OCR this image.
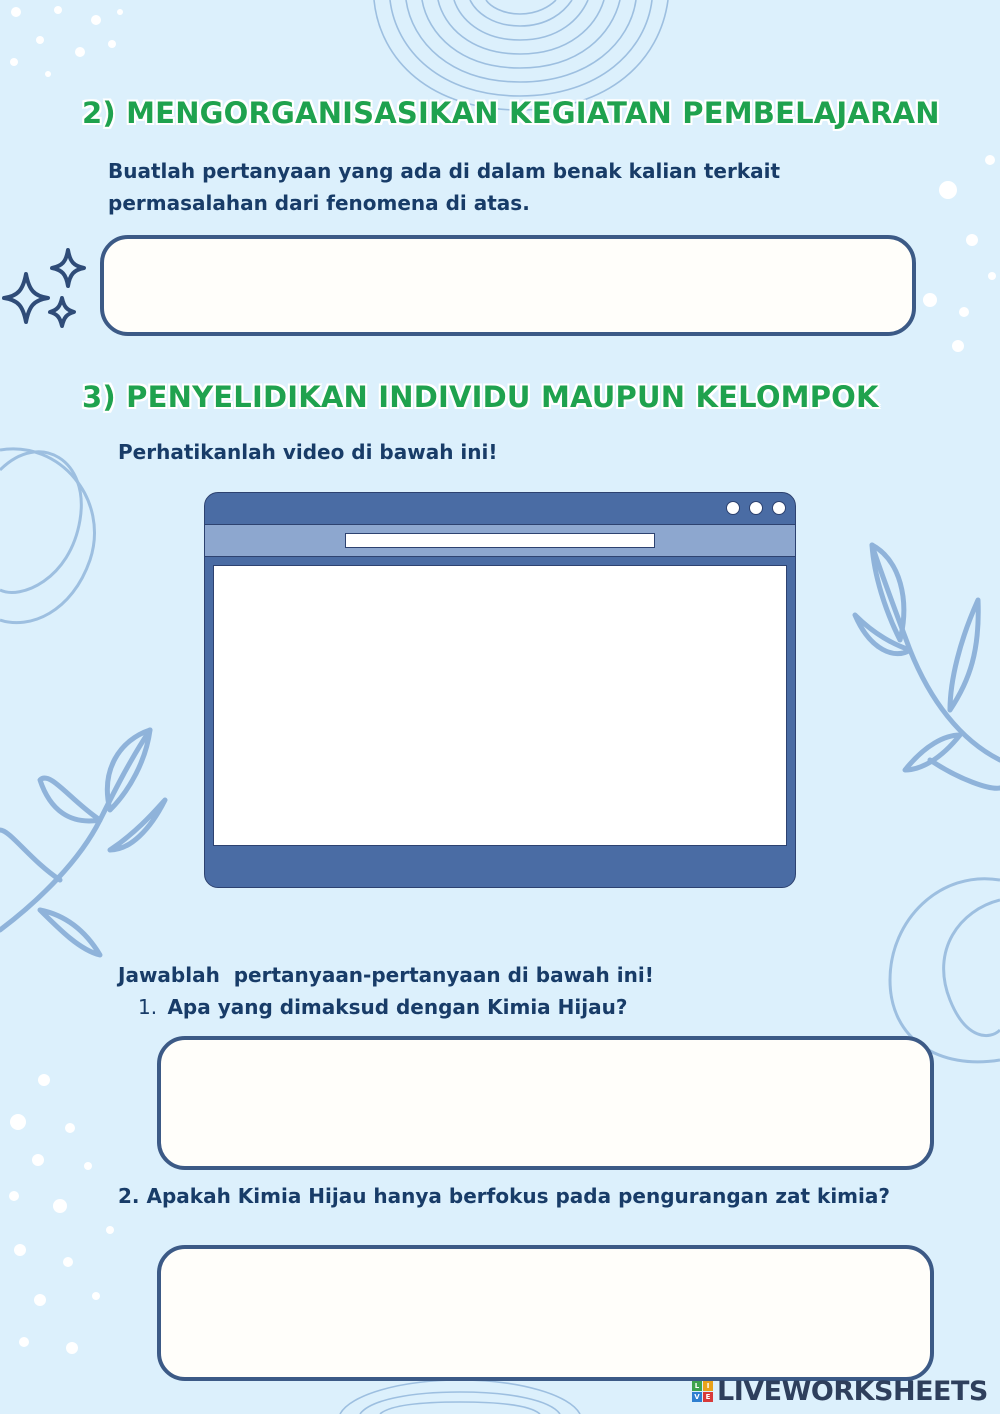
2) MENGORGANISASIKAN KEGIATAN PEMBELAJARAN

Buatlah pertanyaan yang ada di dalam benak kalian terkait

permasalahan dari fenomena di atas.

3) PENYELIDIKAN INDIVIDU MAUPUN KELOMPOK

Perhatikanlah video di bawah ini!

Jawablah  pertanyaan-pertanyaan di bawah ini!

1. Apa yang dimaksud dengan Kimia Hijau?

2. Apakah Kimia Hijau hanya berfokus pada pengurangan zat kimia?

L	I
V E LIVEWORKSHEETS
